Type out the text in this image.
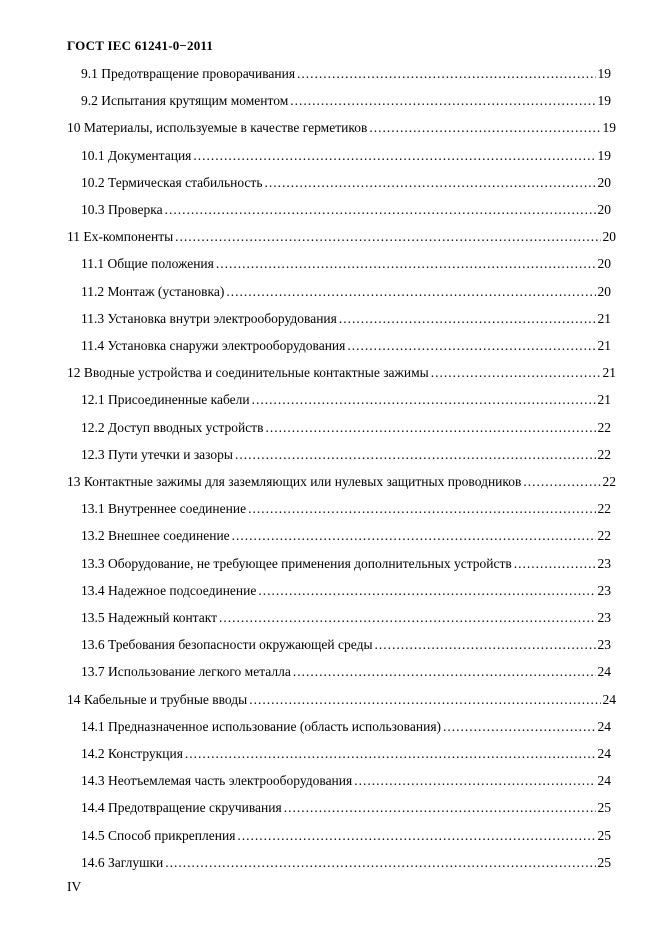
ГОСТ IEC 61241-0−2011
9.1 Предотвращение проворачивания .....	19
9.2 Испытания крутящим моментом .....	19
10 Материалы, используемые в качестве герметиков .....	19
10.1 Документация .....	19
10.2 Термическая стабильность .....	20
10.3 Проверка .....	20
11 Ex-компоненты .....	20
11.1 Общие положения .....	20
11.2 Монтаж (установка) .....	20
11.3 Установка внутри электрооборудования .....	21
11.4 Установка снаружи электрооборудования .....	21
12 Вводные устройства и соединительные контактные зажимы .....	21
12.1 Присоединенные кабели .....	21
12.2 Доступ вводных устройств .....	22
12.3 Пути утечки и зазоры .....	22
13 Контактные зажимы для заземляющих или нулевых защитных проводников .....	22
13.1 Внутреннее соединение .....	22
13.2 Внешнее соединение .....	22
13.3 Оборудование, не требующее применения дополнительных устройств .....	23
13.4 Надежное подсоединение .....	23
13.5 Надежный контакт .....	23
13.6 Требования безопасности окружающей среды .....	23
13.7 Использование легкого металла .....	24
14 Кабельные и трубные вводы .....	24
14.1 Предназначенное использование (область использования) .....	24
14.2 Конструкция .....	24
14.3 Неотъемлемая часть электрооборудования .....	24
14.4 Предотвращение скручивания .....	25
14.5 Способ прикрепления .....	25
14.6 Заглушки .....	25
IV
